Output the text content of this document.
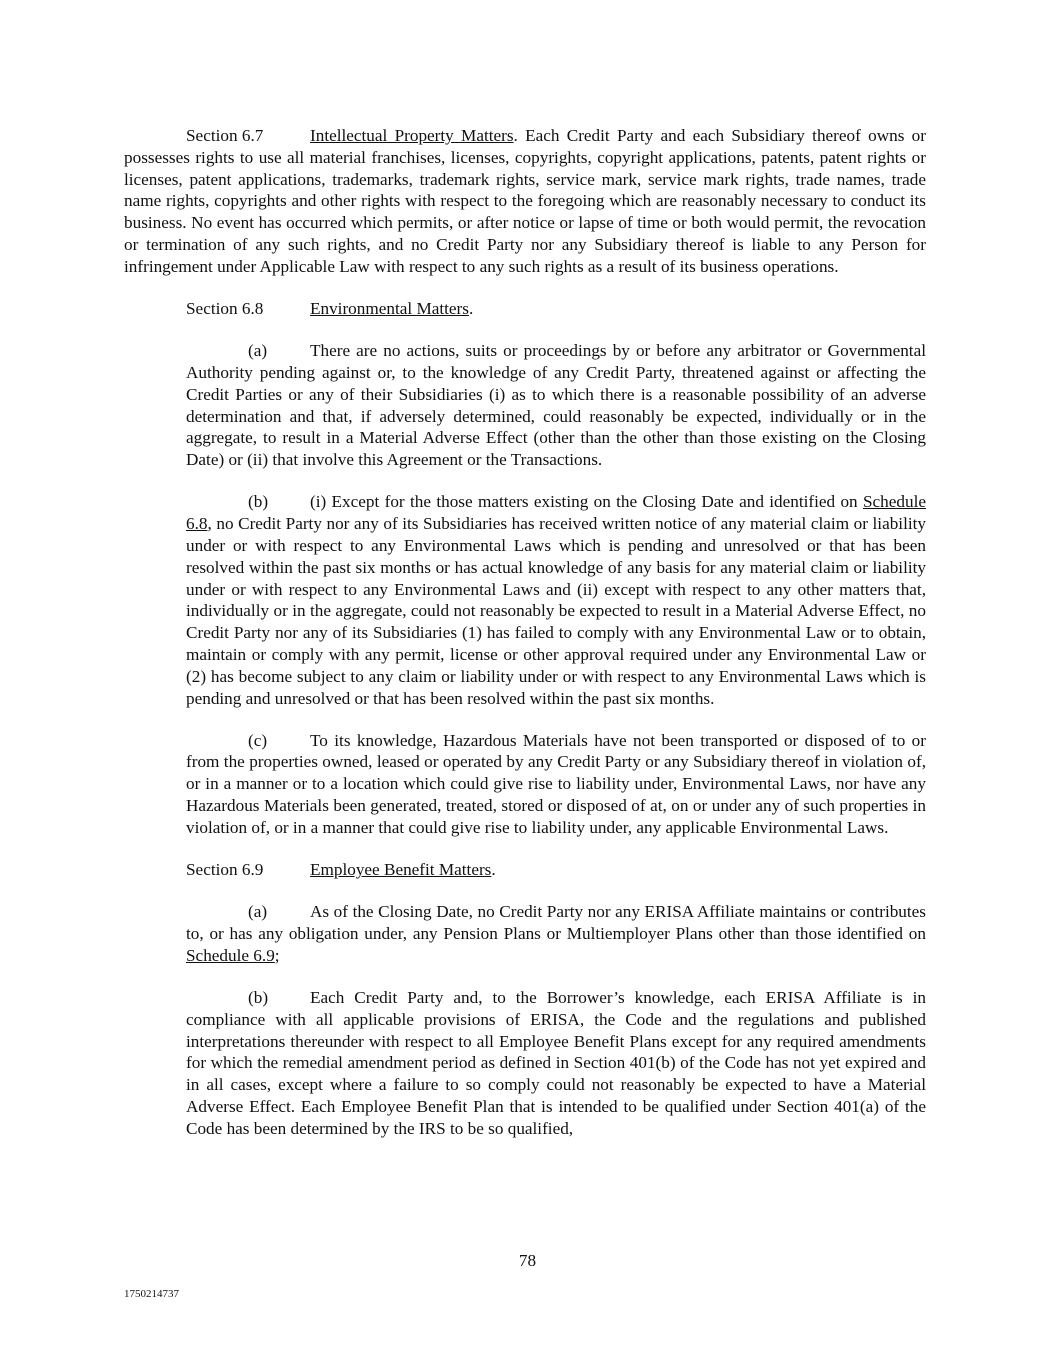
Section 6.7	Intellectual Property Matters. Each Credit Party and each Subsidiary thereof owns or possesses rights to use all material franchises, licenses, copyrights, copyright applications, patents, patent rights or licenses, patent applications, trademarks, trademark rights, service mark, service mark rights, trade names, trade name rights, copyrights and other rights with respect to the foregoing which are reasonably necessary to conduct its business. No event has occurred which permits, or after notice or lapse of time or both would permit, the revocation or termination of any such rights, and no Credit Party nor any Subsidiary thereof is liable to any Person for infringement under Applicable Law with respect to any such rights as a result of its business operations.

Section 6.8	Environmental Matters.

(a) There are no actions, suits or proceedings by or before any arbitrator or Governmental Authority pending against or, to the knowledge of any Credit Party, threatened against or affecting the Credit Parties or any of their Subsidiaries (i) as to which there is a reasonable possibility of an adverse determination and that, if adversely determined, could reasonably be expected, individually or in the aggregate, to result in a Material Adverse Effect (other than the other than those existing on the Closing Date) or (ii) that involve this Agreement or the Transactions.

(b) (i) Except for the those matters existing on the Closing Date and identified on Schedule 6.8, no Credit Party nor any of its Subsidiaries has received written notice of any material claim or liability under or with respect to any Environmental Laws which is pending and unresolved or that has been resolved within the past six months or has actual knowledge of any basis for any material claim or liability under or with respect to any Environmental Laws and (ii) except with respect to any other matters that, individually or in the aggregate, could not reasonably be expected to result in a Material Adverse Effect, no Credit Party nor any of its Subsidiaries (1) has failed to comply with any Environmental Law or to obtain, maintain or comply with any permit, license or other approval required under any Environmental Law or (2) has become subject to any claim or liability under or with respect to any Environmental Laws which is pending and unresolved or that has been resolved within the past six months.

(c) To its knowledge, Hazardous Materials have not been transported or disposed of to or from the properties owned, leased or operated by any Credit Party or any Subsidiary thereof in violation of, or in a manner or to a location which could give rise to liability under, Environmental Laws, nor have any Hazardous Materials been generated, treated, stored or disposed of at, on or under any of such properties in violation of, or in a manner that could give rise to liability under, any applicable Environmental Laws.

Section 6.9	Employee Benefit Matters.

(a) As of the Closing Date, no Credit Party nor any ERISA Affiliate maintains or contributes to, or has any obligation under, any Pension Plans or Multiemployer Plans other than those identified on Schedule 6.9;

(b) Each Credit Party and, to the Borrower’s knowledge, each ERISA Affiliate is in compliance with all applicable provisions of ERISA, the Code and the regulations and published interpretations thereunder with respect to all Employee Benefit Plans except for any required amendments for which the remedial amendment period as defined in Section 401(b) of the Code has not yet expired and in all cases, except where a failure to so comply could not reasonably be expected to have a Material Adverse Effect. Each Employee Benefit Plan that is intended to be qualified under Section 401(a) of the Code has been determined by the IRS to be so qualified,

78
1750214737
